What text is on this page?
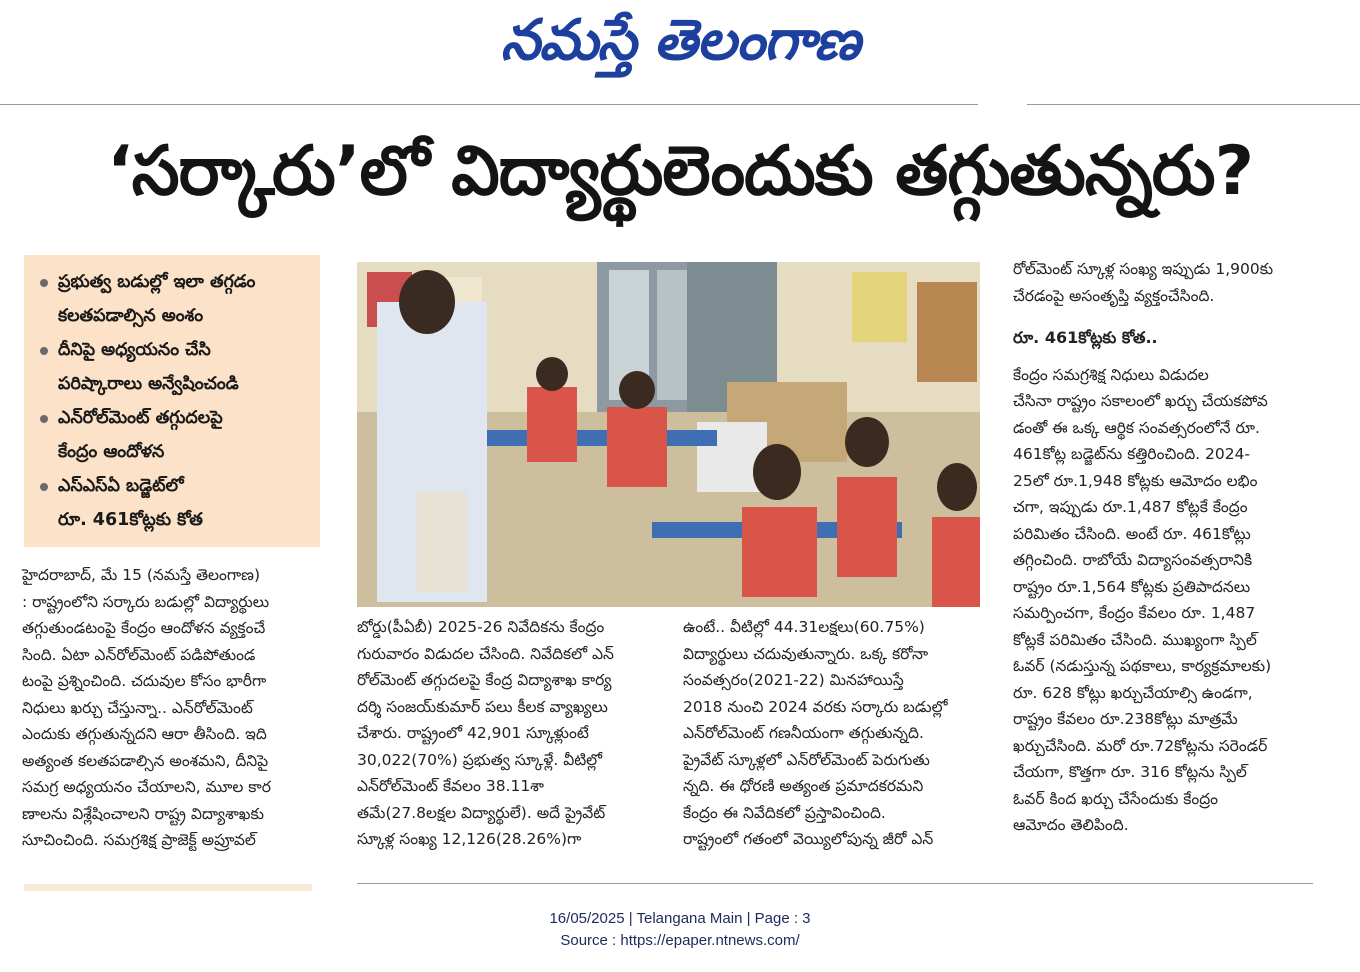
నమస్తే తెలంగాణ
‘సర్కారు’లో విద్యార్థులెందుకు తగ్గుతున్నరు?
ప్రభుత్వ బడుల్లో ఇలా తగ్గడం
కలతపడాల్సిన అంశం
దీనిపై అధ్యయనం చేసి
పరిష్కారాలు అన్వేషించండి
ఎన్‌రోల్‌మెంట్ తగ్గుదలపై
కేంద్రం ఆందోళన
ఎస్‌ఎస్‌ఏ బడ్జెట్‌లో
రూ. 461కోట్లకు కోత
హైదరాబాద్, మే 15 (నమస్తే తెలంగాణ)
: రాష్ట్రంలోని సర్కారు బడుల్లో విద్యార్థులు
తగ్గుతుండటంపై కేంద్రం ఆందోళన వ్యక్తంచే
సింది. ఏటా ఎన్‌రోల్‌మెంట్ పడిపోతుండ
టంపై ప్రశ్నించింది. చదువుల కోసం భారీగా
నిధులు ఖర్చు చేస్తున్నా.. ఎన్‌రోల్‌మెంట్
ఎందుకు తగ్గుతున్నదని ఆరా తీసింది. ఇది
అత్యంత కలతపడాల్సిన అంశమని, దీనిపై
సమగ్ర అధ్యయనం చేయాలని, మూల కార
ణాలను విశ్లేషించాలని రాష్ట్ర విద్యాశాఖకు
సూచించింది. సమగ్రశిక్ష ప్రాజెక్ట్ అప్రూవల్
బోర్డు(పీఏబీ) 2025-26 నివేదికను కేంద్రం
గురువారం విడుదల చేసింది. నివేదికలో ఎన్
రోల్‌మెంట్ తగ్గుదలపై కేంద్ర విద్యాశాఖ కార్య
దర్శి సంజయ్‌కుమార్ పలు కీలక వ్యాఖ్యలు
చేశారు. రాష్ట్రంలో 42,901 స్కూళ్లుంటే
30,022(70%) ప్రభుత్వ స్కూళ్లే. వీటిల్లో
ఎన్‌రోల్‌మెంట్ కేవలం 38.11శా
తమే(27.8లక్షల విద్యార్థులే). అదే ప్రైవేట్
స్కూళ్ల సంఖ్య 12,126(28.26%)గా
ఉంటే.. వీటిల్లో 44.31లక్షలు(60.75%)
విద్యార్థులు చదువుతున్నారు. ఒక్క కరోనా
సంవత్సరం(2021-22) మినహాయిస్తే
2018 నుంచి 2024 వరకు సర్కారు బడుల్లో
ఎన్‌రోల్‌మెంట్ గణనీయంగా తగ్గుతున్నది.
ప్రైవేట్ స్కూళ్లలో ఎన్‌రోల్‌మెంట్ పెరుగుతు
న్నది. ఈ ధోరణి అత్యంత ప్రమాదకరమని
కేంద్రం ఈ నివేదికలో ప్రస్తావించింది.
రాష్ట్రంలో గతంలో వెయ్యిలోపున్న జీరో ఎన్
రోల్‌మెంట్ స్కూళ్ల సంఖ్య ఇప్పుడు 1,900కు
చేరడంపై అసంతృప్తి వ్యక్తంచేసింది.
రూ. 461కోట్లకు కోత..
కేంద్రం సమగ్రశిక్ష నిధులు విడుదల
చేసినా రాష్ట్రం సకాలంలో ఖర్చు చేయకపోవ
డంతో ఈ ఒక్క ఆర్థిక సంవత్సరంలోనే రూ.
461కోట్ల బడ్జెట్‌ను కత్తిరించింది. 2024-
25లో రూ.1,948 కోట్లకు ఆమోదం లభిం
చగా, ఇప్పుడు రూ.1,487 కోట్లకే కేంద్రం
పరిమితం చేసింది. అంటే రూ. 461కోట్లు
తగ్గించింది. రాబోయే విద్యాసంవత్సరానికి
రాష్ట్రం రూ.1,564 కోట్లకు ప్రతిపాదనలు
సమర్పించగా, కేంద్రం కేవలం రూ. 1,487
కోట్లకే పరిమితం చేసింది. ముఖ్యంగా స్పిల్
ఓవర్ (నడుస్తున్న పథకాలు, కార్యక్రమాలకు)
రూ. 628 కోట్లు ఖర్చుచేయాల్సి ఉండగా,
రాష్ట్రం కేవలం రూ.238కోట్లు మాత్రమే
ఖర్చుచేసింది. మరో రూ.72కోట్లను సరెండర్
చేయగా, కొత్తగా రూ. 316 కోట్లను స్పిల్
ఓవర్ కింద ఖర్చు చేసేందుకు కేంద్రం
ఆమోదం తెలిపింది.
16/05/2025 | Telangana Main | Page : 3
Source : https://epaper.ntnews.com/
